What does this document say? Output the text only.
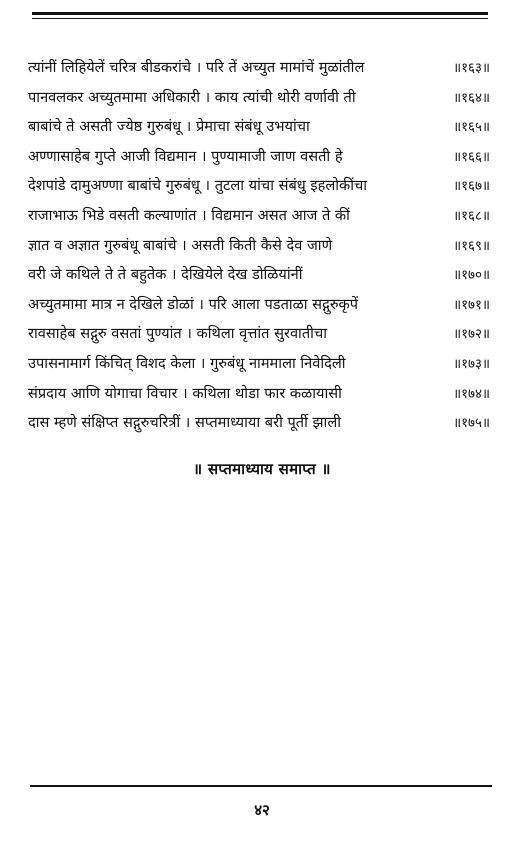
त्यांनीं लिहियेलें चरित्र बीडकरांचे । परि तें अच्युत मामांचें मुळांतील	॥१६३॥
पानवलकर अच्युतमामा अधिकारी । काय त्यांची थोरी वर्णावी ती	॥१६४॥
बाबांचे ते असती ज्येष्ठ गुरुबंधू । प्रेमाचा संबंधू उभयांचा	॥१६५॥
अण्णासाहेब गुप्ते आजी विद्यमान । पुण्यामाजी जाण वसती हे	॥१६६॥
देशपांडे दामुअण्णा बाबांचे गुरुबंधू । तुटला यांचा संबंधु इहलोकींचा	॥१६७॥
राजाभाऊ भिडे वसती कल्याणांत । विद्यमान असत आज ते कीं	॥१६८॥
ज्ञात व अज्ञात गुरुबंधू बाबांचे । असती किती कैसे देव जाणे	॥१६९॥
वरी जे कथिले ते ते बहुतेक । देखियेले देख डोळियांनीं	॥१७०॥
अच्युतमामा मात्र न देखिले डोळां । परि आला पडताळा सद्गुरुकृपें	॥१७१॥
रावसाहेब सद्गुरु वसतां पुण्यांत । कथिला वृत्तांत सुरवातीचा	॥१७२॥
उपासनामार्ग किंचित् विशद केला । गुरुबंधू नाममाला निवेदिली	॥१७३॥
संप्रदाय आणि योगाचा विचार । कथिला थोडा फार कळायासी	॥१७४॥
दास म्हणे संक्षिप्त सद्गुरुचरित्रीं । सप्तमाध्याया बरी पूर्ती झाली	॥१७५॥
॥ सप्तमाध्याय समाप्त ॥
४२
